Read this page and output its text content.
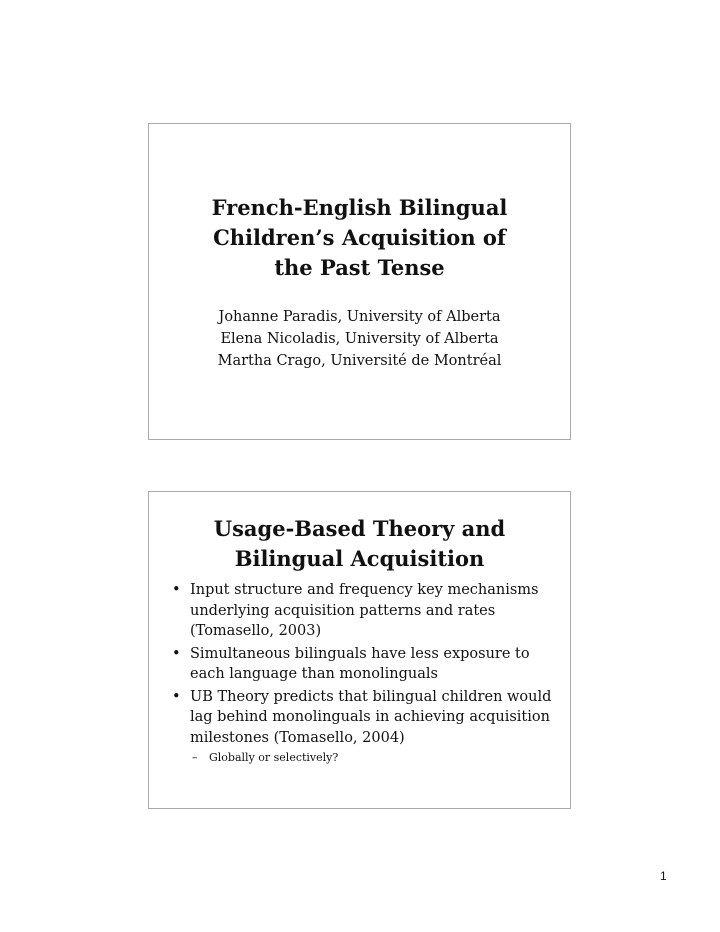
French-English Bilingual
Children’s Acquisition of
the Past Tense
Johanne Paradis, University of Alberta
Elena Nicoladis, University of Alberta
Martha Crago, Université de Montréal
Usage-Based Theory and
Bilingual Acquisition
• Input structure and frequency key mechanisms underlying acquisition patterns and rates (Tomasello, 2003)
• Simultaneous bilinguals have less exposure to each language than monolinguals
• UB Theory predicts that bilingual children would lag behind monolinguals in achieving acquisition milestones (Tomasello, 2004)
– Globally or selectively?
1
